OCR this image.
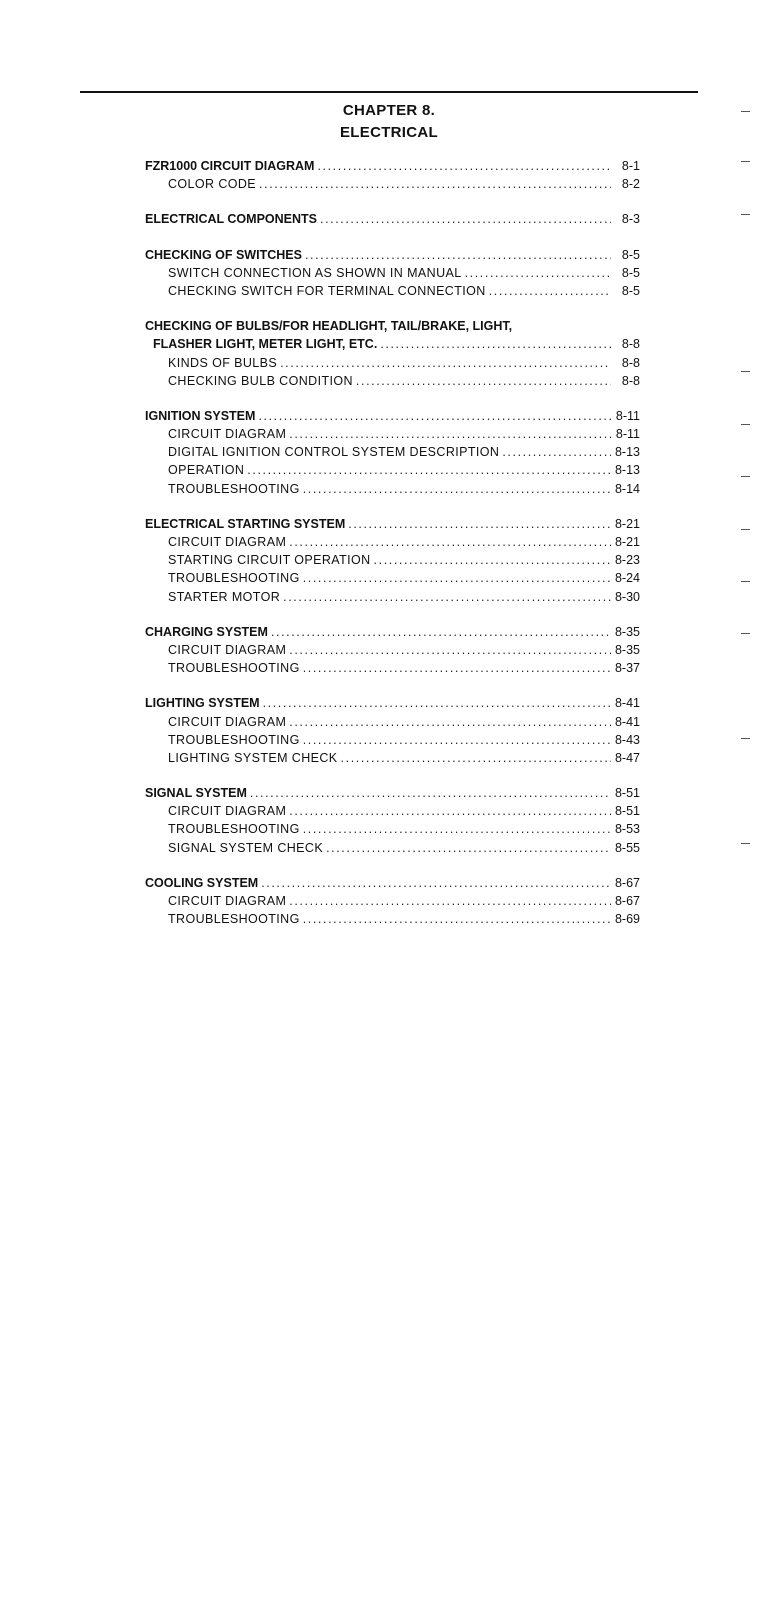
CHAPTER 8.
ELECTRICAL
FZR1000 CIRCUIT DIAGRAM .....	8-1
COLOR CODE .....	8-2
ELECTRICAL COMPONENTS .....	8-3
CHECKING OF SWITCHES .....	8-5
SWITCH CONNECTION AS SHOWN IN MANUAL .....	8-5
CHECKING SWITCH FOR TERMINAL CONNECTION .....	8-5
CHECKING OF BULBS/FOR HEADLIGHT, TAIL/BRAKE, LIGHT,
FLASHER LIGHT, METER LIGHT, ETC. .....	8-8
KINDS OF BULBS .....	8-8
CHECKING BULB CONDITION .....	8-8
IGNITION SYSTEM .....	8-11
CIRCUIT DIAGRAM .....	8-11
DIGITAL IGNITION CONTROL SYSTEM DESCRIPTION .....	8-13
OPERATION .....	8-13
TROUBLESHOOTING .....	8-14
ELECTRICAL STARTING SYSTEM .....	8-21
CIRCUIT DIAGRAM .....	8-21
STARTING CIRCUIT OPERATION .....	8-23
TROUBLESHOOTING .....	8-24
STARTER MOTOR .....	8-30
CHARGING SYSTEM .....	8-35
CIRCUIT DIAGRAM .....	8-35
TROUBLESHOOTING .....	8-37
LIGHTING SYSTEM .....	8-41
CIRCUIT DIAGRAM .....	8-41
TROUBLESHOOTING .....	8-43
LIGHTING SYSTEM CHECK .....	8-47
SIGNAL SYSTEM .....	8-51
CIRCUIT DIAGRAM .....	8-51
TROUBLESHOOTING .....	8-53
SIGNAL SYSTEM CHECK .....	8-55
COOLING SYSTEM .....	8-67
CIRCUIT DIAGRAM .....	8-67
TROUBLESHOOTING .....	8-69
